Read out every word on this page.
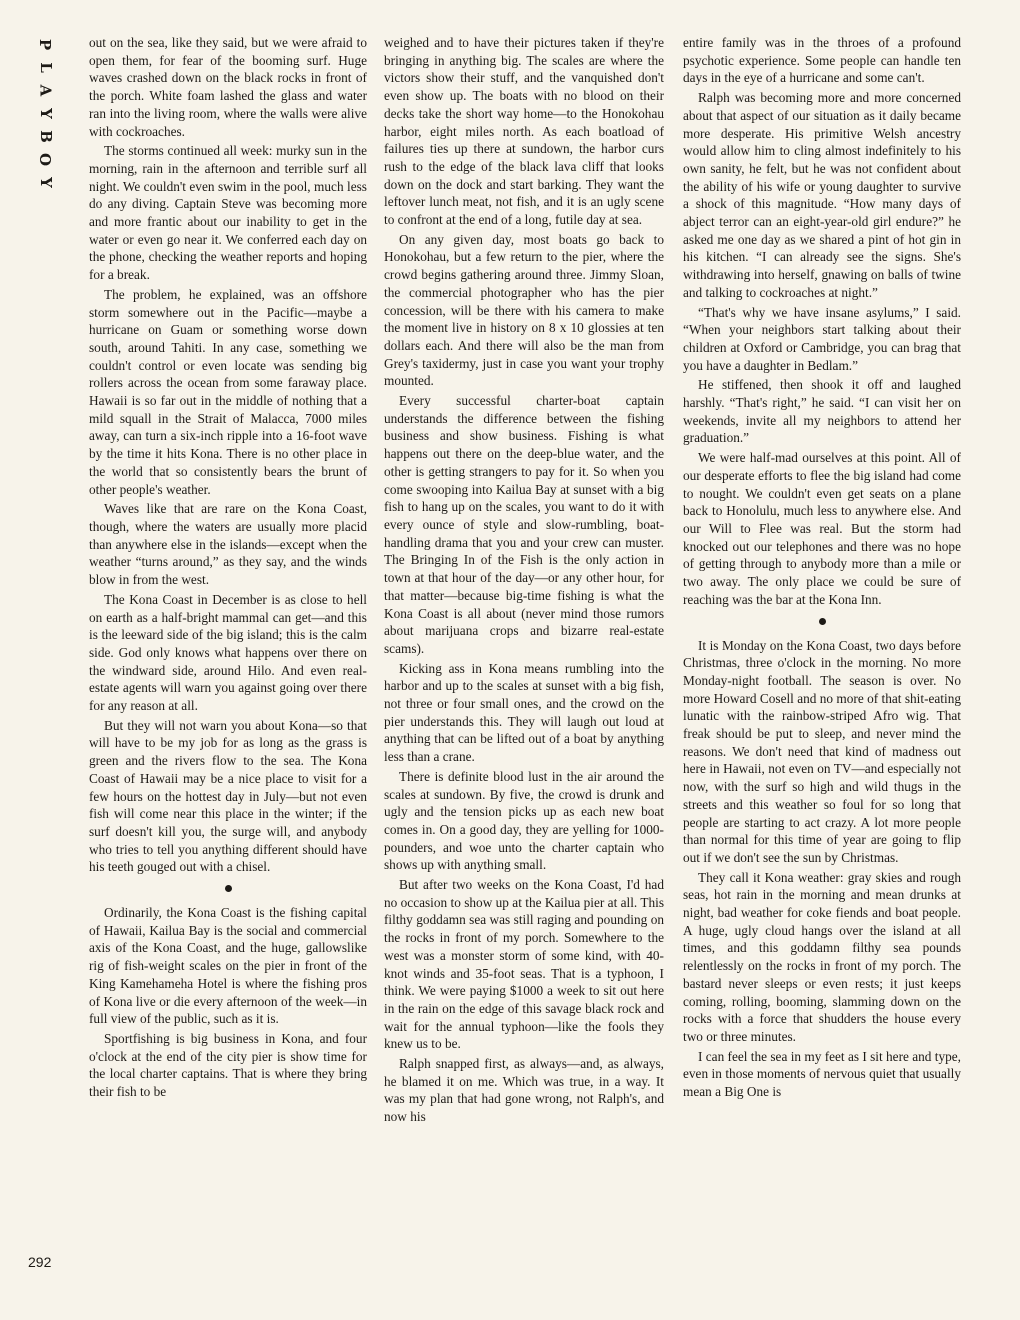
P
L
A
Y
B
O
Y
292

out on the sea, like they said, but we were afraid to open them, for fear of the booming surf. Huge waves crashed down on the black rocks in front of the porch. White foam lashed the glass and water ran into the living room, where the walls were alive with cockroaches.

The storms continued all week: murky sun in the morning, rain in the afternoon and terrible surf all night. We couldn't even swim in the pool, much less do any diving. Captain Steve was becoming more and more frantic about our inability to get in the water or even go near it. We conferred each day on the phone, checking the weather reports and hoping for a break.

The problem, he explained, was an offshore storm somewhere out in the Pacific—maybe a hurricane on Guam or something worse down south, around Tahiti. In any case, something we couldn't control or even locate was sending big rollers across the ocean from some faraway place. Hawaii is so far out in the middle of nothing that a mild squall in the Strait of Malacca, 7000 miles away, can turn a six-inch ripple into a 16-foot wave by the time it hits Kona. There is no other place in the world that so consistently bears the brunt of other people's weather.

Waves like that are rare on the Kona Coast, though, where the waters are usually more placid than anywhere else in the islands—except when the weather “turns around,” as they say, and the winds blow in from the west.

The Kona Coast in December is as close to hell on earth as a half-bright mammal can get—and this is the leeward side of the big island; this is the calm side. God only knows what happens over there on the windward side, around Hilo. And even real-estate agents will warn you against going over there for any reason at all.

But they will not warn you about Kona—so that will have to be my job for as long as the grass is green and the rivers flow to the sea. The Kona Coast of Hawaii may be a nice place to visit for a few hours on the hottest day in July—but not even fish will come near this place in the winter; if the surf doesn't kill you, the surge will, and anybody who tries to tell you anything different should have his teeth gouged out with a chisel.

Ordinarily, the Kona Coast is the fishing capital of Hawaii, Kailua Bay is the social and commercial axis of the Kona Coast, and the huge, gallowslike rig of fish-weight scales on the pier in front of the King Kamehameha Hotel is where the fishing pros of Kona live or die every afternoon of the week—in full view of the public, such as it is.

Sportfishing is big business in Kona, and four o'clock at the end of the city pier is show time for the local charter captains. That is where they bring their fish to be

weighed and to have their pictures taken if they're bringing in anything big. The scales are where the victors show their stuff, and the vanquished don't even show up. The boats with no blood on their decks take the short way home—to the Honokohau harbor, eight miles north. As each boatload of failures ties up there at sundown, the harbor curs rush to the edge of the black lava cliff that looks down on the dock and start barking. They want the leftover lunch meat, not fish, and it is an ugly scene to confront at the end of a long, futile day at sea.

On any given day, most boats go back to Honokohau, but a few return to the pier, where the crowd begins gathering around three. Jimmy Sloan, the commercial photographer who has the pier concession, will be there with his camera to make the moment live in history on 8 x 10 glossies at ten dollars each. And there will also be the man from Grey's taxidermy, just in case you want your trophy mounted.

Every successful charter-boat captain understands the difference between the fishing business and show business. Fishing is what happens out there on the deep-blue water, and the other is getting strangers to pay for it. So when you come swooping into Kailua Bay at sunset with a big fish to hang up on the scales, you want to do it with every ounce of style and slow-rumbling, boat-handling drama that you and your crew can muster. The Bringing In of the Fish is the only action in town at that hour of the day—or any other hour, for that matter—because big-time fishing is what the Kona Coast is all about (never mind those rumors about marijuana crops and bizarre real-estate scams).

Kicking ass in Kona means rumbling into the harbor and up to the scales at sunset with a big fish, not three or four small ones, and the crowd on the pier understands this. They will laugh out loud at anything that can be lifted out of a boat by anything less than a crane.

There is definite blood lust in the air around the scales at sundown. By five, the crowd is drunk and ugly and the tension picks up as each new boat comes in. On a good day, they are yelling for 1000-pounders, and woe unto the charter captain who shows up with anything small.

But after two weeks on the Kona Coast, I'd had no occasion to show up at the Kailua pier at all. This filthy goddamn sea was still raging and pounding on the rocks in front of my porch. Somewhere to the west was a monster storm of some kind, with 40-knot winds and 35-foot seas. That is a typhoon, I think. We were paying $1000 a week to sit out here in the rain on the edge of this savage black rock and wait for the annual typhoon—like the fools they knew us to be.

Ralph snapped first, as always—and, as always, he blamed it on me. Which was true, in a way. It was my plan that had gone wrong, not Ralph's, and now his

entire family was in the throes of a profound psychotic experience. Some people can handle ten days in the eye of a hurricane and some can't.

Ralph was becoming more and more concerned about that aspect of our situation as it daily became more desperate. His primitive Welsh ancestry would allow him to cling almost indefinitely to his own sanity, he felt, but he was not confident about the ability of his wife or young daughter to survive a shock of this magnitude. “How many days of abject terror can an eight-year-old girl endure?” he asked me one day as we shared a pint of hot gin in his kitchen. “I can already see the signs. She's withdrawing into herself, gnawing on balls of twine and talking to cockroaches at night.”

“That's why we have insane asylums,” I said. “When your neighbors start talking about their children at Oxford or Cambridge, you can brag that you have a daughter in Bedlam.”

He stiffened, then shook it off and laughed harshly. “That's right,” he said. “I can visit her on weekends, invite all my neighbors to attend her graduation.”

We were half-mad ourselves at this point. All of our desperate efforts to flee the big island had come to nought. We couldn't even get seats on a plane back to Honolulu, much less to anywhere else. And our Will to Flee was real. But the storm had knocked out our telephones and there was no hope of getting through to anybody more than a mile or two away. The only place we could be sure of reaching was the bar at the Kona Inn.

It is Monday on the Kona Coast, two days before Christmas, three o'clock in the morning. No more Monday-night football. The season is over. No more Howard Cosell and no more of that shit-eating lunatic with the rainbow-striped Afro wig. That freak should be put to sleep, and never mind the reasons. We don't need that kind of madness out here in Hawaii, not even on TV—and especially not now, with the surf so high and wild thugs in the streets and this weather so foul for so long that people are starting to act crazy. A lot more people than normal for this time of year are going to flip out if we don't see the sun by Christmas.

They call it Kona weather: gray skies and rough seas, hot rain in the morning and mean drunks at night, bad weather for coke fiends and boat people. A huge, ugly cloud hangs over the island at all times, and this goddamn filthy sea pounds relentlessly on the rocks in front of my porch. The bastard never sleeps or even rests; it just keeps coming, rolling, booming, slamming down on the rocks with a force that shudders the house every two or three minutes.

I can feel the sea in my feet as I sit here and type, even in those moments of nervous quiet that usually mean a Big One is
